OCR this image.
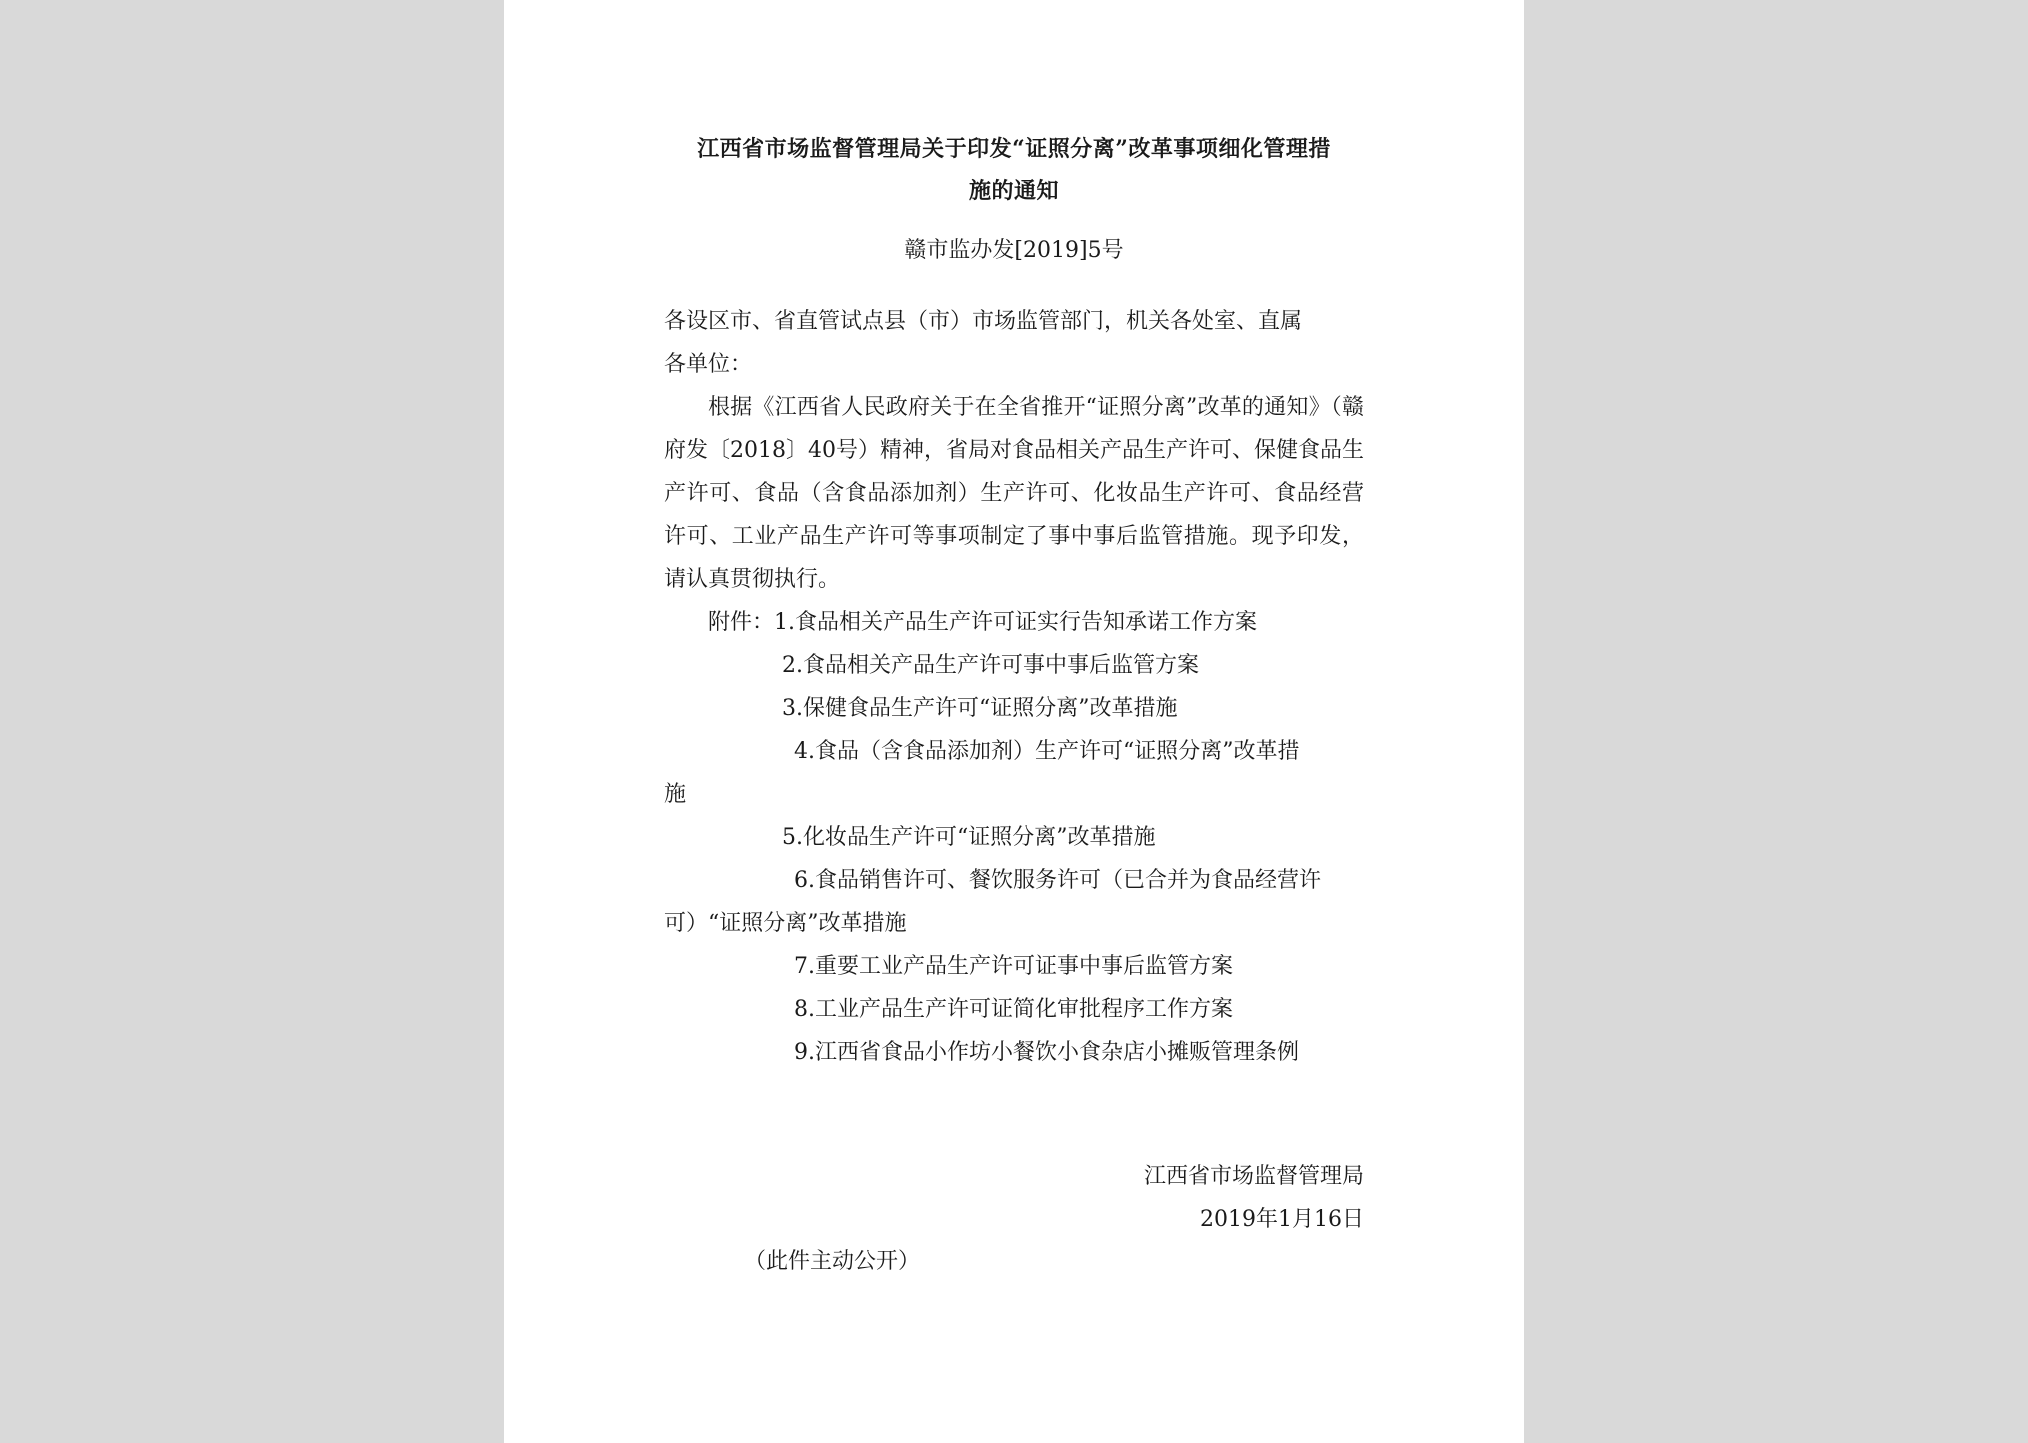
江西省市场监督管理局关于印发“证照分离”改革事项细化管理措
施的通知
赣市监办发[2019]5号

各设区市、省直管试点县（市）市场监管部门，机关各处室、直属

各单位：

根据《江西省人民政府关于在全省推开“证照分离”改革的通知》（赣府发〔2018〕40号）精神，省局对食品相关产品生产许可、保健食品生产许可、食品（含食品添加剂）生产许可、化妆品生产许可、食品经营许可、工业产品生产许可等事项制定了事中事后监管措施。现予印发，请认真贯彻执行。

附件：1.食品相关产品生产许可证实行告知承诺工作方案

2.食品相关产品生产许可事中事后监管方案

3.保健食品生产许可“证照分离”改革措施

4.食品（含食品添加剂）生产许可“证照分离”改革措

施

5.化妆品生产许可“证照分离”改革措施

6.食品销售许可、餐饮服务许可（已合并为食品经营许

可）“证照分离”改革措施

7.重要工业产品生产许可证事中事后监管方案

8.工业产品生产许可证简化审批程序工作方案

9.江西省食品小作坊小餐饮小食杂店小摊贩管理条例

江西省市场监督管理局
2019年1月16日
（此件主动公开）
